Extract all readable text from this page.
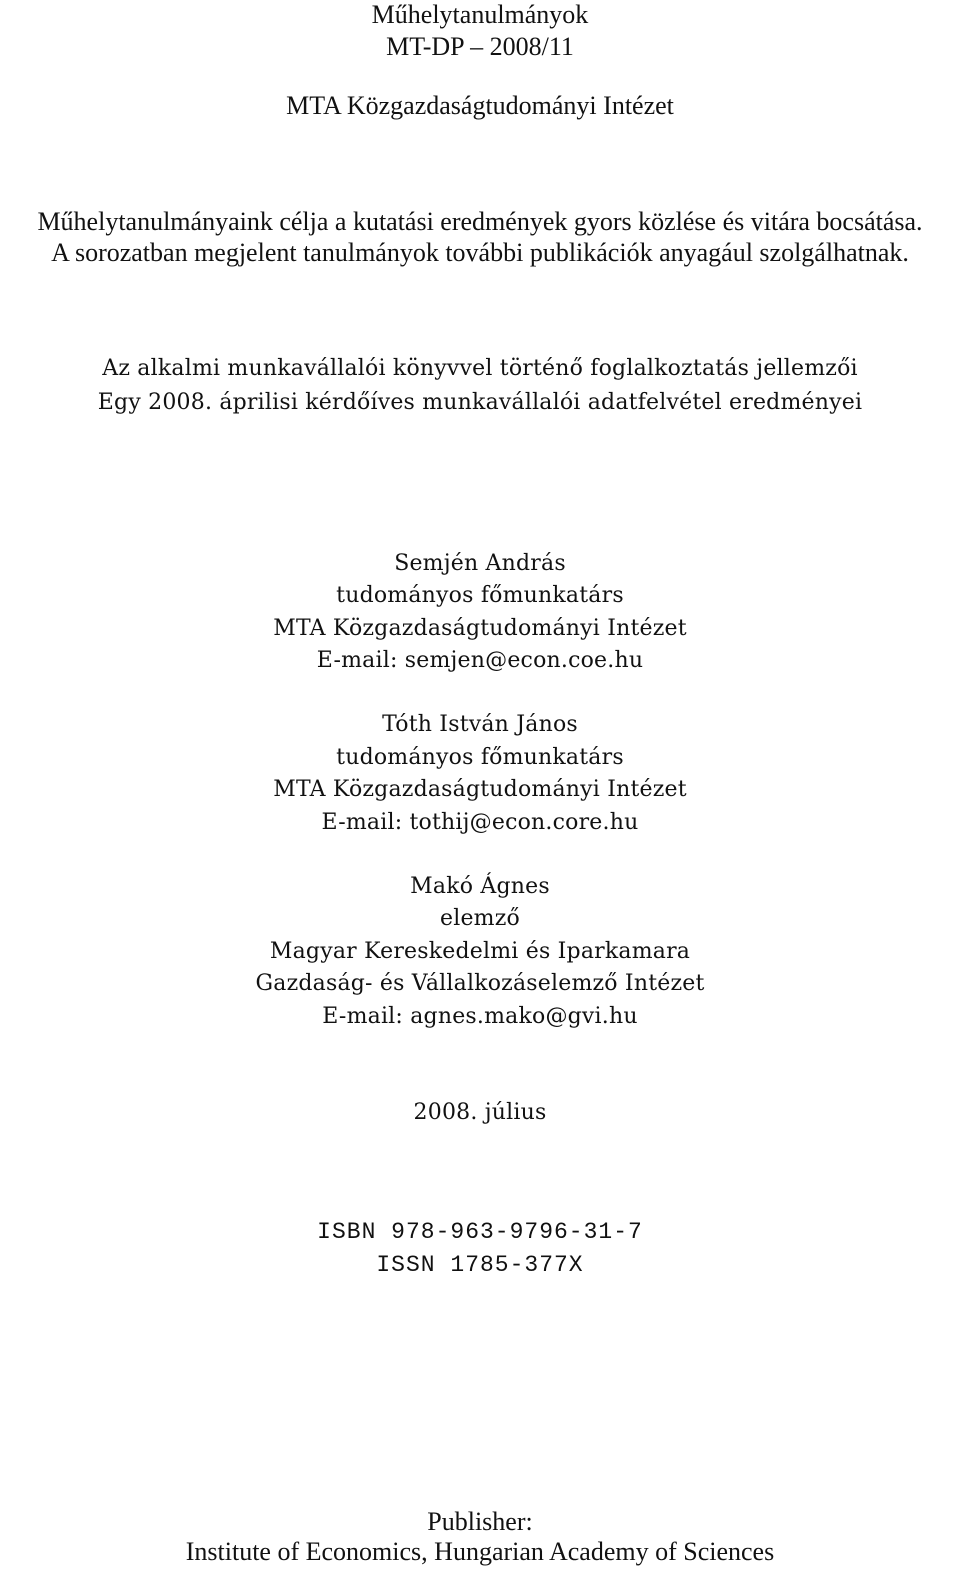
Műhelytanulmányok
MT-DP – 2008/11
MTA Közgazdaságtudományi Intézet
Műhelytanulmányaink célja a kutatási eredmények gyors közlése és vitára bocsátása.
A sorozatban megjelent tanulmányok további publikációk anyagául szolgálhatnak.
Az alkalmi munkavállalói könyvvel történő foglalkoztatás jellemzői
Egy 2008. áprilisi kérdőíves munkavállalói adatfelvétel eredményei
Semjén András
tudományos főmunkatárs
MTA Közgazdaságtudományi Intézet
E-mail: semjen@econ.coe.hu
Tóth István János
tudományos főmunkatárs
MTA Közgazdaságtudományi Intézet
E-mail: tothij@econ.core.hu
Makó Ágnes
elemző
Magyar Kereskedelmi és Iparkamara
Gazdaság- és Vállalkozáselemző Intézet
E-mail: agnes.mako@gvi.hu
2008. július
ISBN 978-963-9796-31-7
ISSN 1785-377X
Publisher:
Institute of Economics, Hungarian Academy of Sciences
